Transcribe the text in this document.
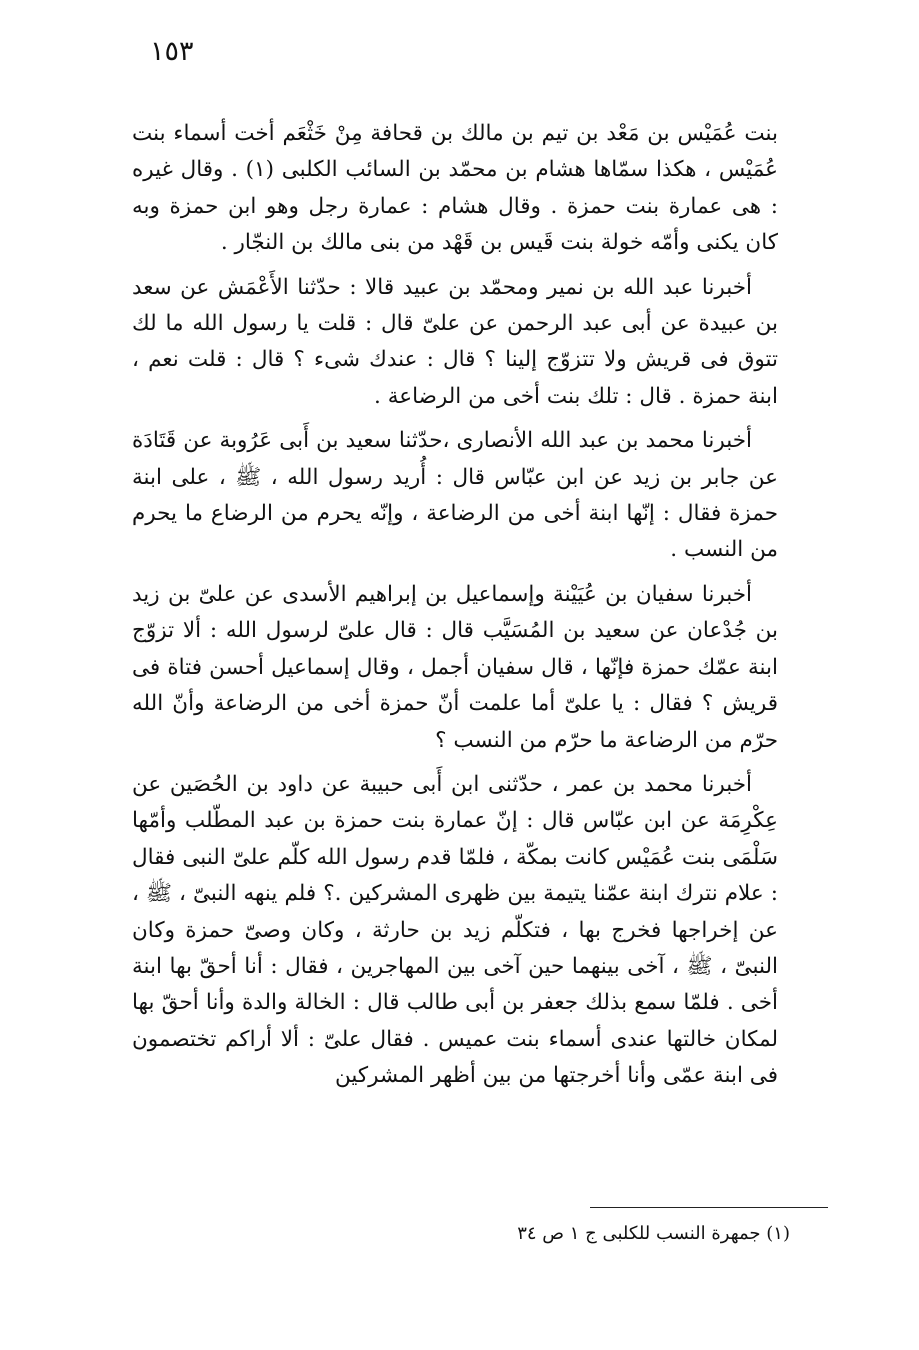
١٥٣

بنت عُمَيْس بن مَعْد بن تيم بن مالك بن قحافة مِنْ خَثْعَم أخت أسماء بنت عُمَيْس ، هكذا سمّاها هشام بن محمّد بن السائب الكلبى (١) . وقال غيره : هى عمارة بنت حمزة . وقال هشام : عمارة رجل وهو ابن حمزة وبه كان يكنى وأمّه خولة بنت قَيس بن قَهْد من بنى مالك بن النجّار .

أخبرنا عبد الله بن نمير ومحمّد بن عبيد قالا : حدّثنا الأَعْمَش عن سعد بن عبيدة عن أبى عبد الرحمن عن علىّ قال : قلت يا رسول الله ما لك تتوق فى قريش ولا تتزوّج إلينا ؟ قال : عندك شىء ؟ قال : قلت نعم ، ابنة حمزة . قال : تلك بنت أخى من الرضاعة .

أخبرنا محمد بن عبد الله الأنصارى ،حدّثنا سعيد بن أَبى عَرُوبة عن قَتَادَة عن جابر بن زيد عن ابن عبّاس قال : أُريد رسول الله ، ﷺ ، على ابنة حمزة فقال : إنّها ابنة أخى من الرضاعة ، وإنّه يحرم من الرضاع ما يحرم من النسب .

أخبرنا سفيان بن عُيَيْنة وإسماعيل بن إبراهيم الأسدى عن علىّ بن زيد بن جُدْعان عن سعيد بن المُسَيَّب قال : قال علىّ لرسول الله : ألا تزوّج ابنة عمّك حمزة فإنّها ، قال سفيان أجمل ، وقال إسماعيل أحسن فتاة فى قريش ؟ فقال : يا علىّ أما علمت أنّ حمزة أخى من الرضاعة وأنّ الله حرّم من الرضاعة ما حرّم من النسب ؟

أخبرنا محمد بن عمر ، حدّثنى ابن أَبى حبيبة عن داود بن الحُصَين عن عِكْرِمَة عن ابن عبّاس قال : إنّ عمارة بنت حمزة بن عبد المطّلب وأمّها سَلْمَى بنت عُمَيْس كانت بمكّة ، فلمّا قدم رسول الله كلّم علىّ النبى فقال : علام نترك ابنة عمّنا يتيمة بين ظهرى المشركين .؟ فلم ينهه النبىّ ، ﷺ ، عن إخراجها فخرج بها ، فتكلّم زيد بن حارثة ، وكان وصىّ حمزة وكان النبىّ ، ﷺ ، آخى بينهما حين آخى بين المهاجرين ، فقال : أنا أحقّ بها ابنة أخى . فلمّا سمع بذلك جعفر بن أبى طالب قال : الخالة والدة وأنا أحقّ بها لمكان خالتها عندى أسماء بنت عميس . فقال علىّ : ألا أراكم تختصمون فى ابنة عمّى وأنا أخرجتها من بين أظهر المشركين

(١) جمهرة النسب للكلبى ج ١ ص ٣٤
